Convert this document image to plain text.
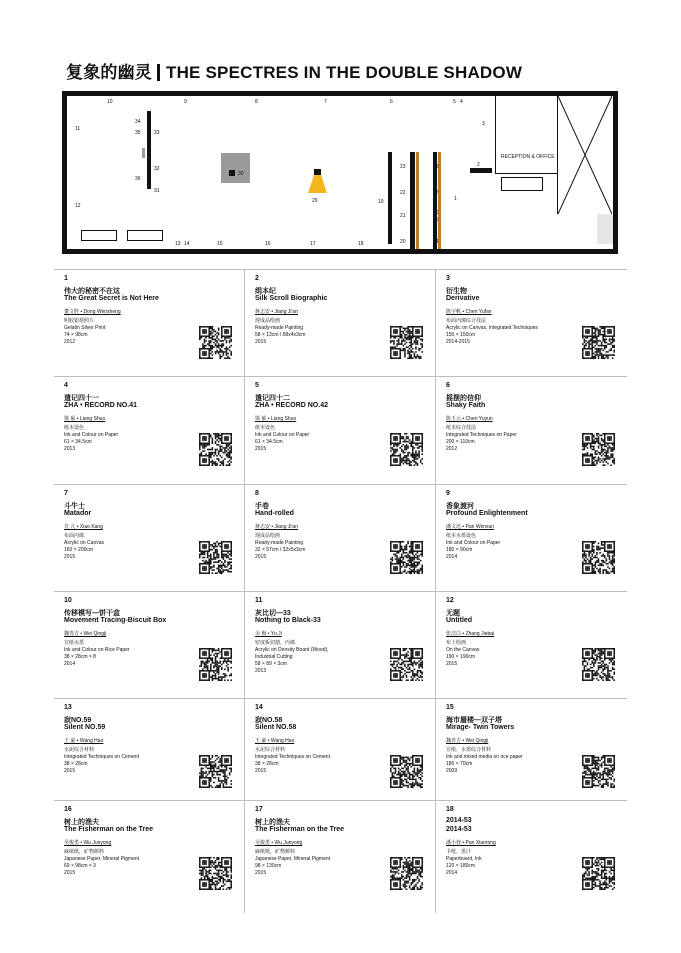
复象的幽灵 THE SPECTRES IN THE DOUBLE SHADOW
RECEPTION & OFFICE
10	9	8	7	6	5 4
3
11
34
35	33
32
36
31
30
29	19
23
22
21
20
28
27
26
25
24
2
1
12
13 14	15	16	17	18
1
伟大的秘密不在这
The Great Secret is Not Here
董文胜 • Dong Wensheng
明胶银盐照片
Gelatin Silver Print
74 × 98cm
2012
2
绢本纪
Silk Scroll Biographic
蒋志安 • Jiang Ji'an
现成品绘画
Ready-made Painting
58 × 13cm / 58x4x3cm
2015
3
衍生物
Derivative
陈宇帆 • Chen Yufan
布面丙烯综合技法
Acrylic on Canvas, Integrated Techniques
150 × 150cm
2014-2015
4
遣记四十一
ZHA • RECORD NO.41
梁 硕 • Liang Shuo
纸本设色
Ink and Colour on Paper
61 × 34.5cm
2013
5
遣记四十二
ZHA • RECORD NO.42
梁 硕 • Liang Shuo
纸本设色
Ink and Colour on Paper
61 × 34.5cm
2015
6
摇摆的信仰
Shaky Faith
陈玉云 • Chen Yuyun
纸本综合技法
Integrated Techniques on Paper
200 × 110cm
2012
7
斗牛士
Matador
肖 亢 • Xiao Kang
布面丙烯
Acrylic on Canvas
160 × 200cm
2015
8
手卷
Hand-rolled
蒋志安 • Jiang Ji'an
现成品绘画
Ready-made Painting
32 × 57cm / 32x5x3cm
2015
9
香象渡河
Profound Enlightenment
潘文迅 • Pan Wenxun
纸本水墨设色
Ink and Colour on Paper
180 × 90cm
2014
10
传移模写—饼干盒
Movement Tracing-Biscuit Box
魏青吉 • Wei Qingji
宣纸水墨
Ink and Colour on Rice Paper
38 × 28cm × 8
2014
11
灰比切—33
Nothing to Black-33
余 极 • Yu Ji
密度板切割，丙烯
Acrylic on Density Board (Wood),
Industrial Cutting
58 × 89 × 3cm
2013
12
无题
Untitled
张洁白 • Zhang Jiebai
布上绘画
On the Canvas
190 × 190cm
2015
13
寂NO.59
Silent NO.59
王 豪 • Wang Hao
水泥综合材料
Integrated Techniques on Cement
38 × 28cm
2015
14
寂NO.58
Silent NO.58
王 豪 • Wang Hao
水泥综合材料
Integrated Techniques on Cement
38 × 28cm
2015
15
海市蜃楼—双子塔
Mirage- Twin Towers
魏青吉 • Wei Qingji
宣纸、水墨综合材料
Ink and mixed media on rice paper
180 × 70cm
2009
16
树上的渔夫
The Fisherman on the Tree
吴俊勇 • Wu Junyong
麻纸纸，矿物颜料
Japanese Paper, Mineral Pigment
69 × 98cm × 3
2015
17
树上的渔夫
The Fisherman on the Tree
吴俊勇 • Wu Junyong
麻纸纸，矿物颜料
Japanese Paper, Mineral Pigment
98 × 130cm
2015
18
2014-53
2014-53
潘小蓉 • Pan Xiaorong
卡纸，墨汁
Paperboard, Ink
120 × 180cm
2014
